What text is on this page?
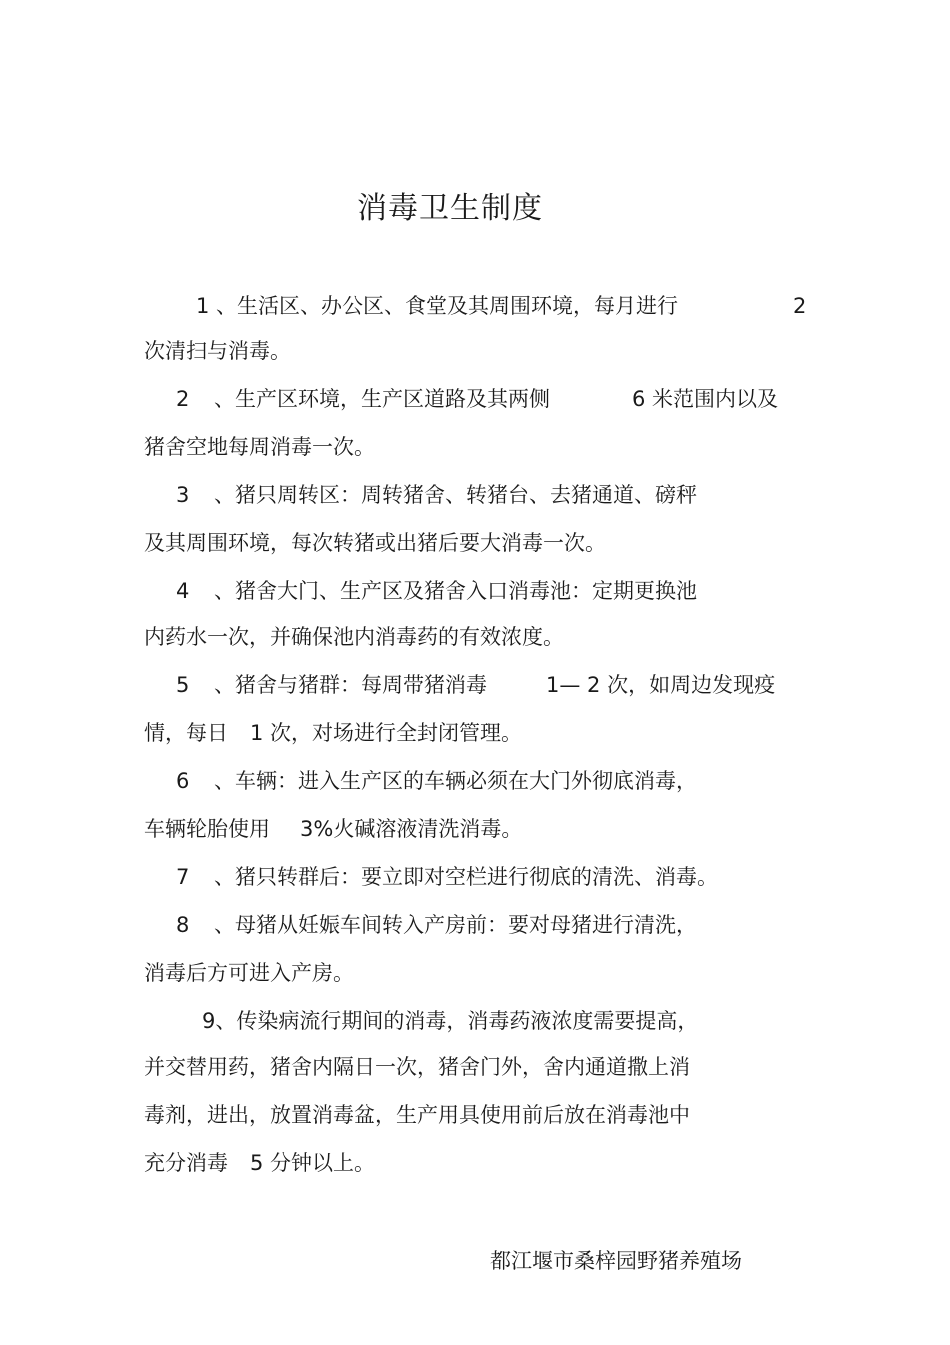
消毒卫生制度
1 、生活区、办公区、食堂及其周围环境，每月进行	2
次清扫与消毒。
2 、生产区环境，生产区道路及其两侧	6 米范围内以及
猪舍空地每周消毒一次。
3 、猪只周转区：周转猪舍、转猪台、去猪通道、磅秤
及其周围环境，每次转猪或出猪后要大消毒一次。
4 、猪舍大门、生产区及猪舍入口消毒池：定期更换池
内药水一次，并确保池内消毒药的有效浓度。
5 、猪舍与猪群：每周带猪消毒	1— 2 次，如周边发现疫
情，每日 1 次，对场进行全封闭管理。
6 、车辆：进入生产区的车辆必须在大门外彻底消毒，
车辆轮胎使用 3%火碱溶液清洗消毒。
7 、猪只转群后：要立即对空栏进行彻底的清洗、消毒。
8 、母猪从妊娠车间转入产房前：要对母猪进行清洗，
消毒后方可进入产房。
9、传染病流行期间的消毒，消毒药液浓度需要提高，
并交替用药，猪舍内隔日一次，猪舍门外，舍内通道撒上消
毒剂，进出，放置消毒盆，生产用具使用前后放在消毒池中
充分消毒 5 分钟以上。
都江堰市桑梓园野猪养殖场
